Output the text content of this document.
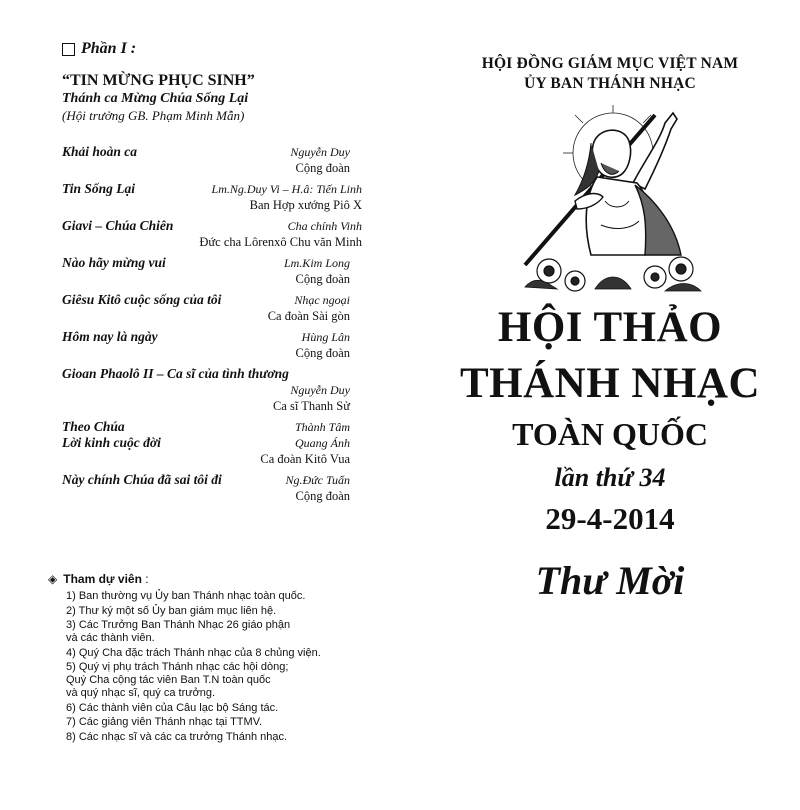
Phần I :
“TIN MỪNG PHỤC SINH”
Thánh ca Mừng Chúa Sống Lại
(Hội trưởng GB. Phạm Minh Mẫn)
Khải hoàn ca	Nguyễn Duy
Cộng đoàn
Tin Sống Lại	Lm.Ng.Duy Vi – H.â: Tiến Linh
Ban Hợp xướng Piô X
Giavi – Chúa Chiên	Cha chính Vinh
Đức cha Lôrenxô Chu văn Minh
Nào hãy mừng vui	Lm.Kim Long
Cộng đoàn
Giêsu Kitô cuộc sống của tôi	Nhạc ngoại
Ca đoàn Sài gòn
Hôm nay là ngày	Hùng Lân
Cộng đoàn
Gioan Phaolô II – Ca sĩ của tình thương
Nguyễn Duy
Ca sĩ Thanh Sử
Theo Chúa	Thành Tâm
Lời kinh cuộc đời	Quang Ánh
Ca đoàn Kitô Vua
Này chính Chúa đã sai tôi đi	Ng.Đức Tuấn
Cộng đoàn
◈ Tham dự viên :
1) Ban thường vụ Ủy ban Thánh nhạc toàn quốc.
2) Thư ký một số Ủy ban giám mục liên hệ.
3) Các Trưởng Ban Thánh Nhạc 26 giáo phận
và các thành viên.
4) Quý Cha đặc trách Thánh nhạc của 8 chủng viện.
5) Quý vị phụ trách Thánh nhạc các hội dòng;
Quý Cha cộng tác viên Ban T.N toàn quốc
và quý nhạc sĩ, quý ca trưởng.
6) Các thành viên của Câu lạc bộ Sáng tác.
7) Các giảng viên Thánh nhạc tại TTMV.
8) Các nhạc sĩ và các ca trưởng Thánh nhạc.
HỘI ĐỒNG GIÁM MỤC VIỆT NAM
ỦY BAN THÁNH NHẠC
HỘI THẢO
THÁNH NHẠC
TOÀN QUỐC
lần thứ 34
29-4-2014
Thư Mời
